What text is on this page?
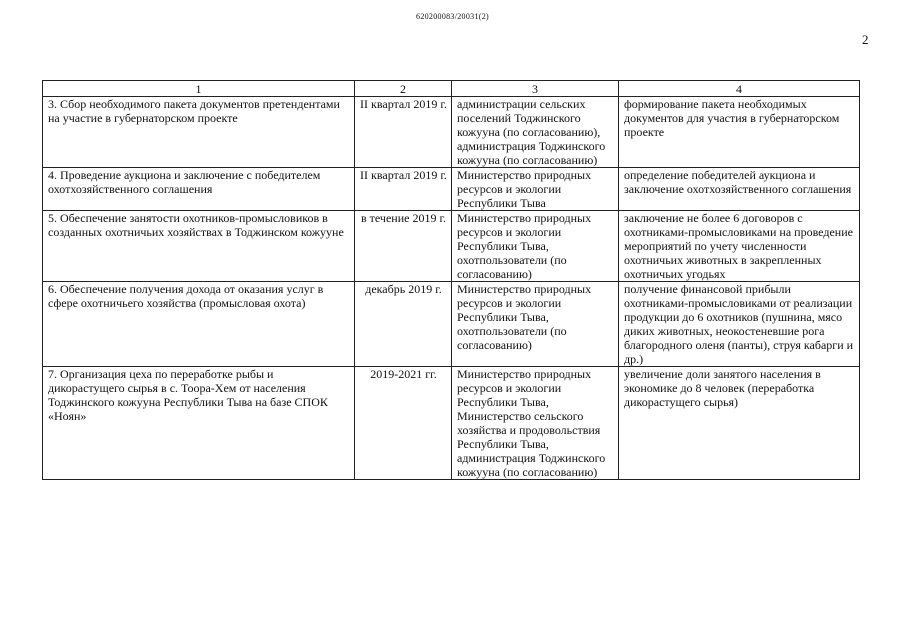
620200083/20031(2)
2
1	2	3	4
3. Сбор необходимого пакета документов претендентами на участие в губернаторском проекте	II квартал 2019 г.	администрации сельских поселений Тоджинского кожууна (по согласованию), администрация Тоджинского кожууна (по согласованию)	формирование пакета необходимых документов для участия в губернаторском проекте
4. Проведение аукциона и заключение с победителем охотхозяйственного соглашения	II квартал 2019 г.	Министерство природных ресурсов и экологии Республики Тыва	определение победителей аукциона и заключение охотхозяйственного соглашения
5. Обеспечение занятости охотников-промысловиков в созданных охотничьих хозяйствах в Тоджинском кожууне	в течение 2019 г.	Министерство природных ресурсов и экологии Республики Тыва, охотпользователи (по согласованию)	заключение не более 6 договоров с охотниками-промысловиками на проведение мероприятий по учету численности охотничьих животных в закрепленных охотничьих угодьях
6. Обеспечение получения дохода от оказания услуг в сфере охотничьего хозяйства (промысловая охота)	декабрь 2019 г.	Министерство природных ресурсов и экологии Республики Тыва, охотпользователи (по согласованию)	получение финансовой прибыли охотниками-промысловиками от реализации продукции до 6 охотников (пушнина, мясо диких животных, неокостеневшие рога благородного оленя (панты), струя кабарги и др.)
7. Организация цеха по переработке рыбы и дикорастущего сырья в с. Тоора-Хем от населения Тоджинского кожууна Республики Тыва на базе СПОК «Ноян»	2019-2021 гг.	Министерство природных ресурсов и экологии Республики Тыва, Министерство сельского хозяйства и продовольствия Республики Тыва, администрация Тоджинского кожууна (по согласованию)	увеличение доли занятого населения в экономике до 8 человек (переработка дикорастущего сырья)
